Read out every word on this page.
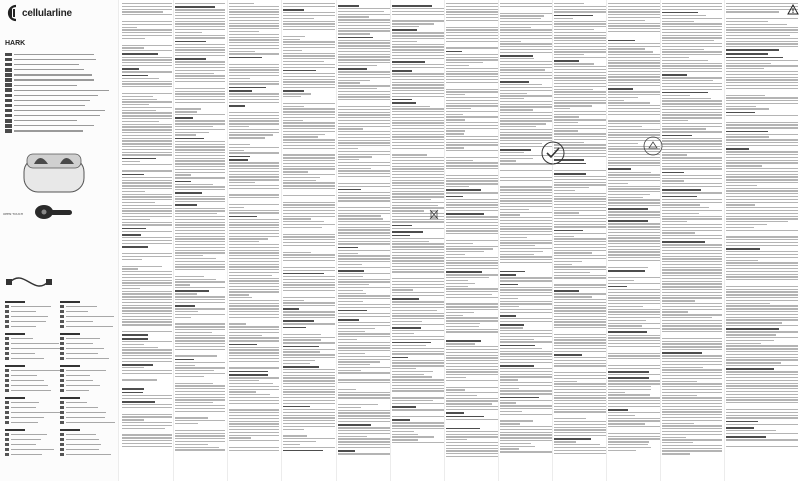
cellularline
HARK
OPEN TOUCH
